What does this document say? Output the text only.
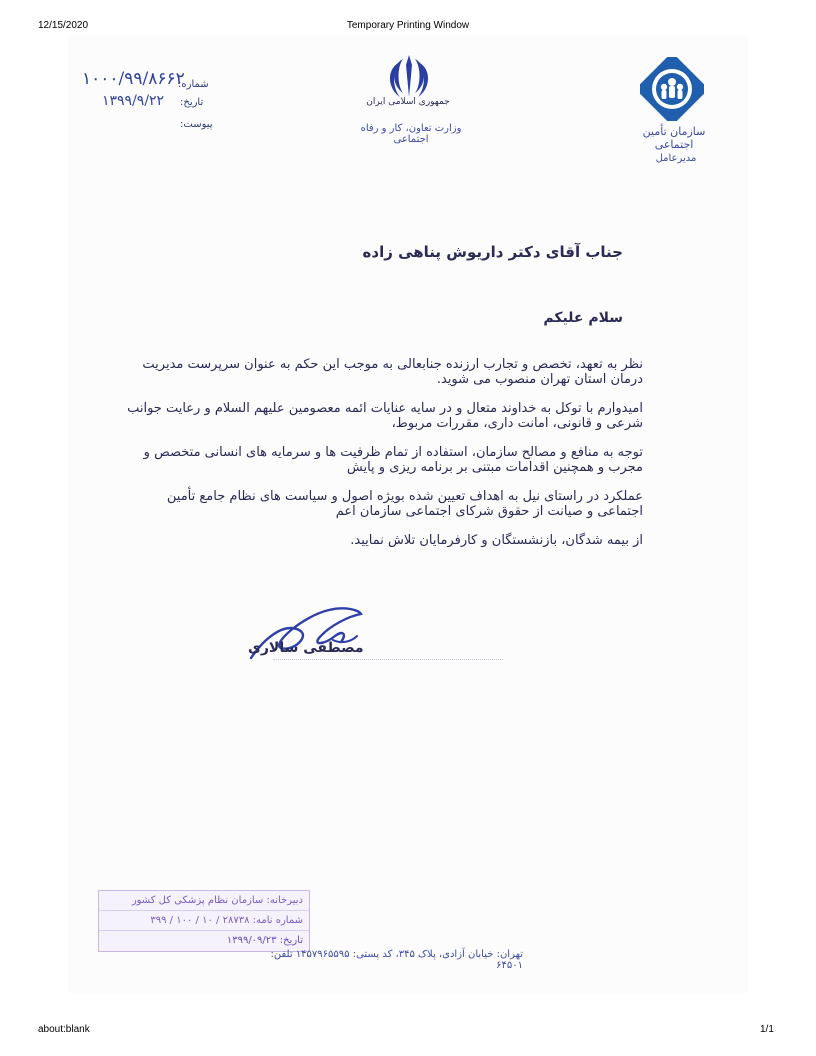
12/15/2020	Temporary Printing Window
about:blank	1/1
سازمان تأمین اجتماعی
مدیرعامل
جمهوری اسلامی ایران
وزارت تعاون، کار و رفاه اجتماعی
شماره:
۱۰۰۰/۹۹/۸۶۶۲
تاریخ:
۱۳۹۹/۹/۲۲
پیوست:
جناب آقای دکتر داریوش پناهی زاده
سلام علیکم
نظر به تعهد، تخصص و تجارب ارزنده جنابعالی به موجب این حکم به عنوان سرپرست مدیریت درمان استان تهران منصوب می شوید.
امیدوارم با توکل به خداوند متعال و در سایه عنایات ائمه معصومین علیهم السلام و رعایت جوانب شرعی و قانونی، امانت داری، مقررات مربوط،
توجه به منافع و مصالح سازمان، استفاده از تمام ظرفیت ها و سرمایه های انسانی متخصص و مجرب و همچنین اقدامات مبتنی بر برنامه ریزی و پایش
عملکرد در راستای نیل به اهداف تعیین شده بویژه اصول و سیاست های نظام جامع تأمین اجتماعی و صیانت از حقوق شرکای اجتماعی سازمان اعم
از بیمه شدگان، بازنشستگان و کارفرمایان تلاش نمایید.
مصطفی سالاری
دبیرخانه: سازمان نظام پزشکی کل کشور
شماره نامه: ۲۸۷۳۸ / ۱۰ / ۱۰۰ / ۳۹۹
تاریخ: ۱۳۹۹/۰۹/۲۳
تهران: خیابان آزادی، پلاک ۳۴۵، کد پستی: ۱۴۵۷۹۶۵۵۹۵ تلفن: ۶۴۵۰۱
